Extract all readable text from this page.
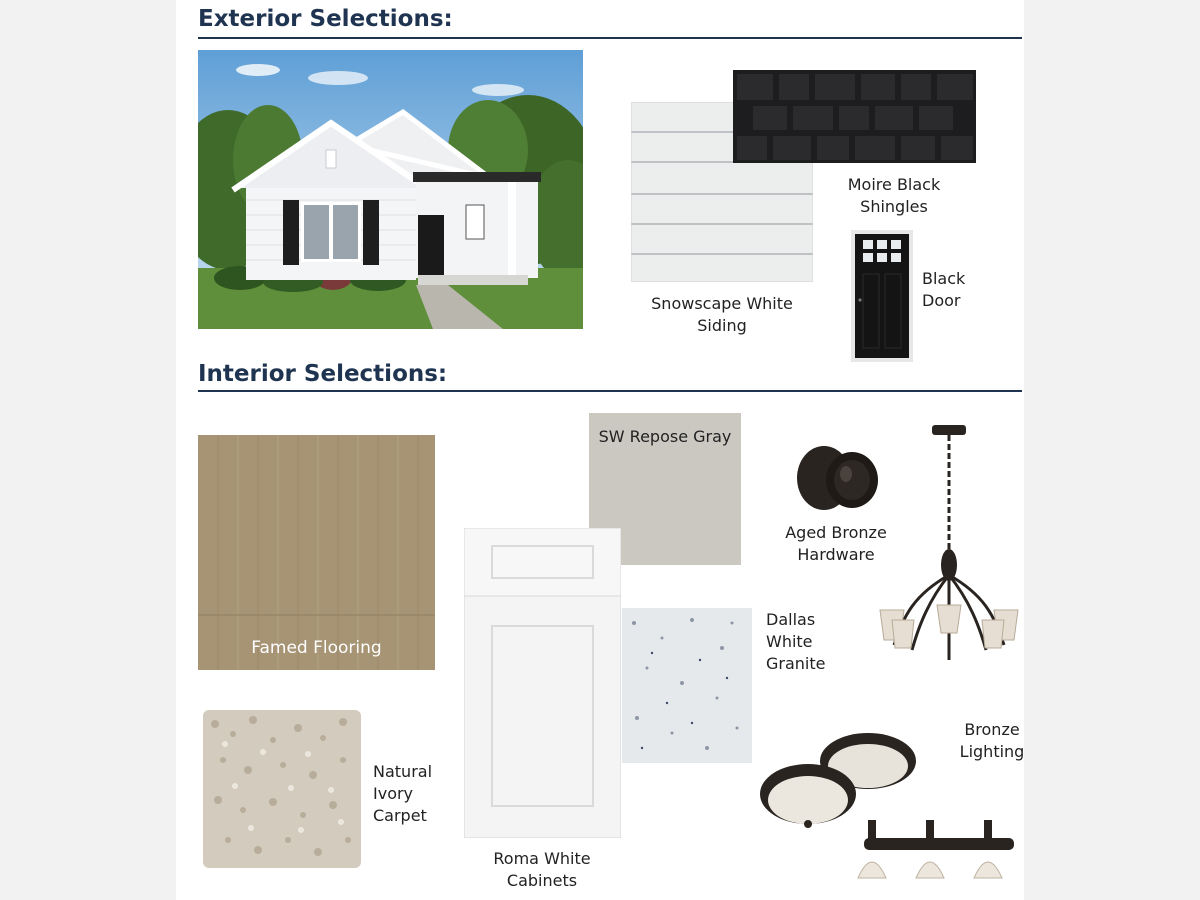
Exterior Selections:
Moire Black
Shingles
Snowscape White
Siding
Black
Door
Interior Selections:
Famed Flooring
SW Repose Gray
Dallas
White
Granite
Aged Bronze
Hardware
Bronze
Lighting
Natural
Ivory
Carpet
Roma White
Cabinets
